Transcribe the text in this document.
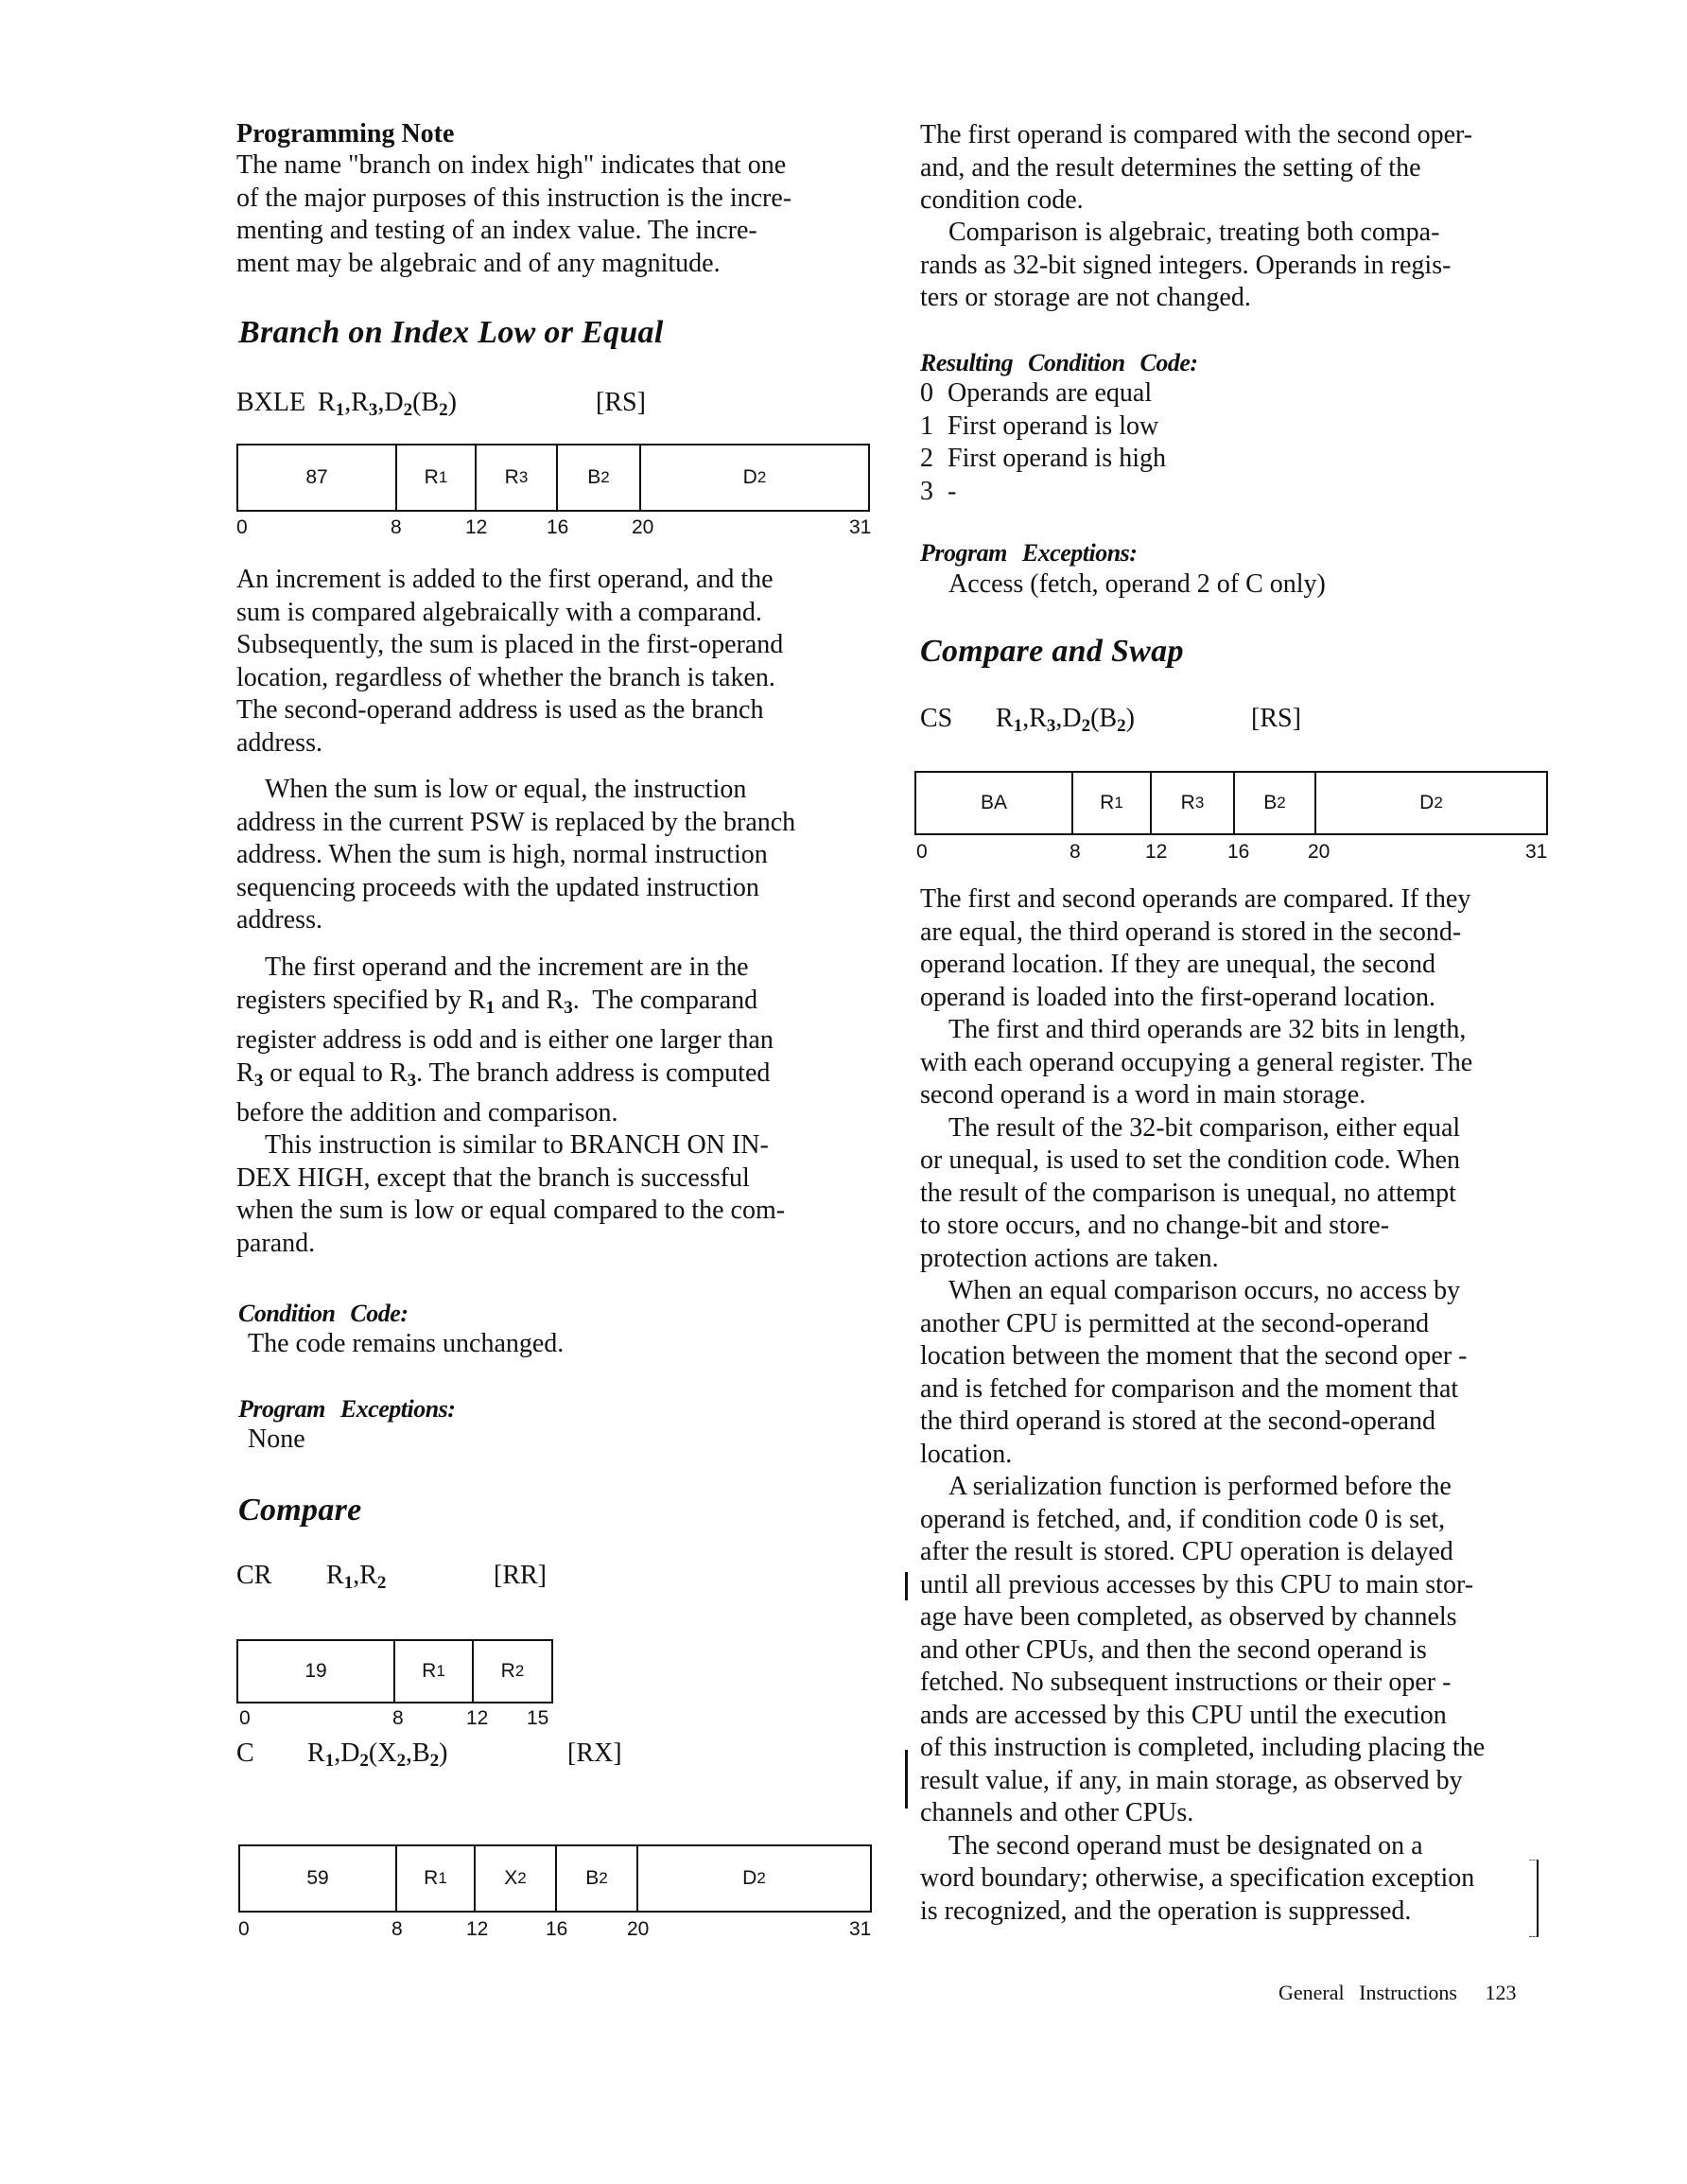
Programming Note
The name "branch on index high" indicates that one
of the major purposes of this instruction is the incre-
menting and testing of an index value. The incre-
ment may be algebraic and of any magnitude.
Branch on Index Low or Equal
BXLE $R_1,R_3,D_2(B_2)$	[RS]
87	R 1	R 3	B 2	D 2
0	8	12	16	20	31
An increment is added to the first operand, and the
sum is compared algebraically with a comparand.
Subsequently, the sum is placed in the first-operand
location, regardless of whether the branch is taken.
The second-operand address is used as the branch
address.
When the sum is low or equal, the instruction
address in the current PSW is replaced by the branch
address. When the sum is high, normal instruction
sequencing proceeds with the updated instruction
address.
The first operand and the increment are in the
registers specified by $R_1$ and $R_3$.  The comparand
register address is odd and is either one larger than
$R_3$ or equal to $R_3$. The branch address is computed
before the addition and comparison.
This instruction is similar to BRANCH ON IN-
DEX HIGH, except that the branch is successful
when the sum is low or equal compared to the com-
parand.
Condition Code:
The code remains unchanged.
Program Exceptions:
None
Compare
CR $R_1,R_2$	[RR]
19	R 1	R 2
0	8	12 15
C $R_1,D_2(X_2,B_2)$	[RX]
59	R 1	X 2	B 2	D 2
0	8	12	16	20	31
The first operand is compared with the second oper-
and, and the result determines the setting of the
condition code.
Comparison is algebraic, treating both compa-
rands as 32-bit signed integers. Operands in regis-
ters or storage are not changed.
Resulting Condition Code:
0 Operands are equal
1 First operand is low
2 First operand is high
3 -
Program Exceptions:
Access (fetch, operand 2 of C only)
Compare and Swap
CS $R_1,R_3,D_2(B_2)$	[RS]
BA	R 1	R 3	B 2	D 2
0	8	12	16	20	31
The first and second operands are compared. If they
are equal, the third operand is stored in the second-
operand location. If they are unequal, the second
operand is loaded into the first-operand location.
The first and third operands are 32 bits in length,
with each operand occupying a general register. The
second operand is a word in main storage.
The result of the 32-bit comparison, either equal
or unequal, is used to set the condition code. When
the result of the comparison is unequal, no attempt
to store occurs, and no change-bit and store-
protection actions are taken.
When an equal comparison occurs, no access by
another CPU is permitted at the second-operand
location between the moment that the second oper -
and is fetched for comparison and the moment that
the third operand is stored at the second-operand
location.
A serialization function is performed before the
operand is fetched, and, if condition code 0 is set,
after the result is stored. CPU operation is delayed
until all previous accesses by this CPU to main stor-
age have been completed, as observed by channels
and other CPUs, and then the second operand is
fetched. No subsequent instructions or their oper -
ands are accessed by this CPU until the execution
of this instruction is completed, including placing the
result value, if any, in main storage, as observed by
channels and other CPUs.
The second operand must be designated on a
word boundary; otherwise, a specification exception
is recognized, and the operation is suppressed.
General Instructions 123
